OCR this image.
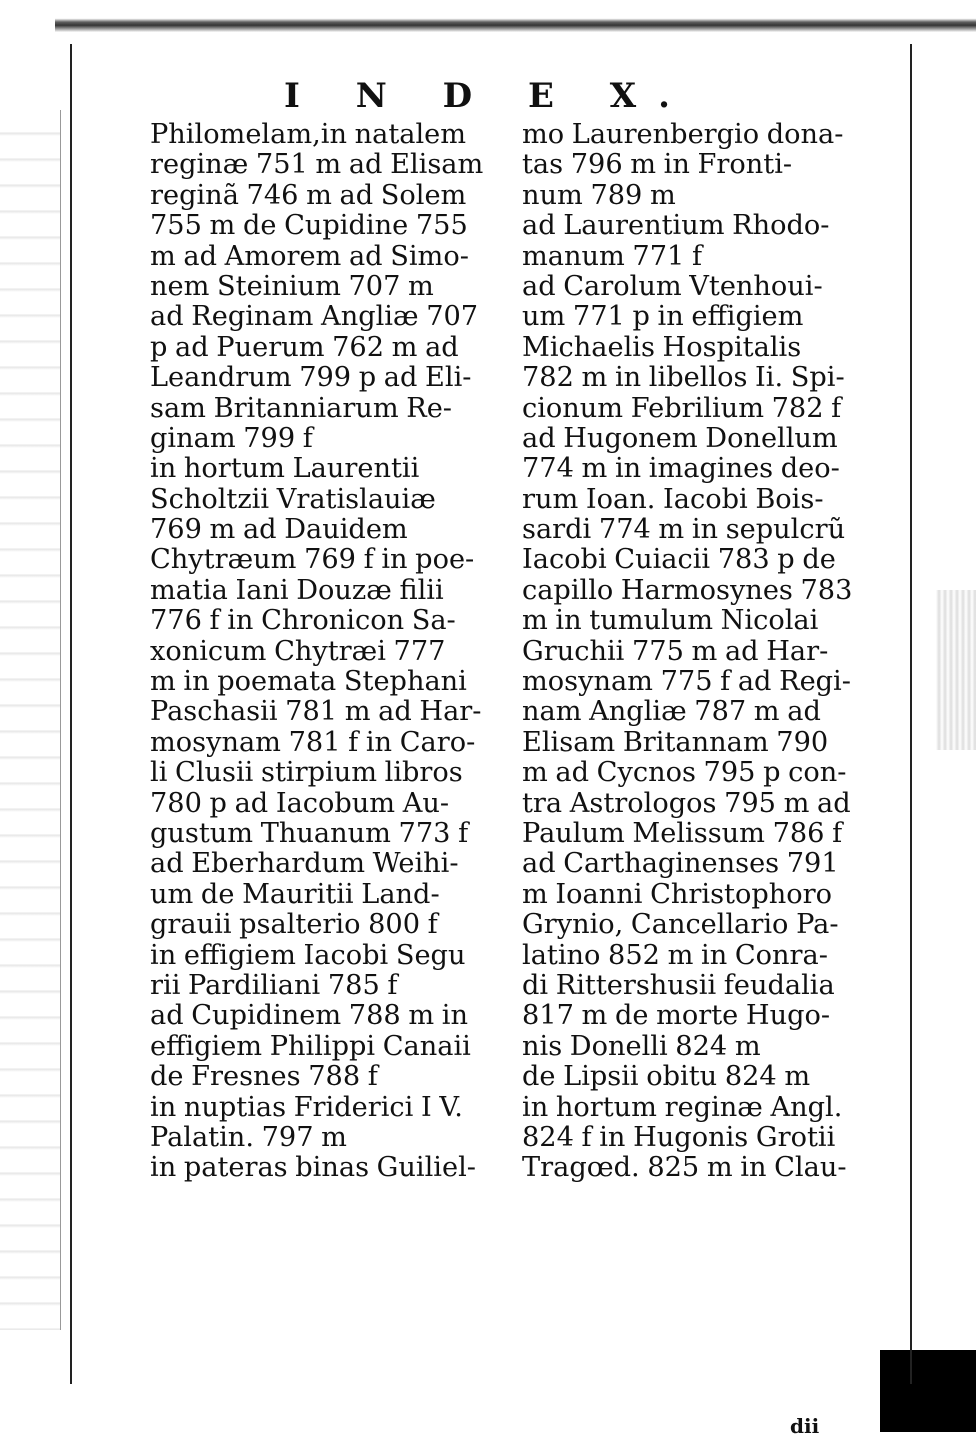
I N D E X.
Philomelam,in natalem
reginæ 751 m ad Elisam
reginã 746 m ad Solem
755 m de Cupidine 755
m ad Amorem ad Simo-
nem Steinium 707 m
ad Reginam Angliæ 707
p ad Puerum 762 m ad
Leandrum 799 p ad Eli-
sam Britanniarum Re-
ginam 799 f
in hortum Laurentii
Scholtzii Vratislauiæ
769 m ad Dauidem
Chytræum 769 f in poe-
matia Iani Douzæ filii
776 f in Chronicon Sa-
xonicum Chytræi 777
m in poemata Stephani
Paschasii 781 m ad Har-
mosynam 781 f in Caro-
li Clusii stirpium libros
780 p ad Iacobum Au-
gustum Thuanum 773 f
ad Eberhardum Weihi-
um de Mauritii Land-
grauii psalterio 800 f
in effigiem Iacobi Segu
rii Pardiliani 785 f
ad Cupidinem 788 m in
effigiem Philippi Canaii
de Fresnes 788 f
in nuptias Friderici I V.
Palatin. 797 m
in pateras binas Guiliel-
mo Laurenbergio dona-
tas 796 m in Fronti-
num 789 m
ad Laurentium Rhodo-
manum 771 f
ad Carolum Vtenhoui-
um 771 p in effigiem
Michaelis Hospitalis
782 m in libellos Ii. Spi-
cionum Febrilium 782 f
ad Hugonem Donellum
774 m in imagines deo-
rum Ioan. Iacobi Bois-
sardi 774 m in sepulcrũ
Iacobi Cuiacii 783 p de
capillo Harmosynes 783
m in tumulum Nicolai
Gruchii 775 m ad Har-
mosynam 775 f ad Regi-
nam Angliæ 787 m ad
Elisam Britannam 790
m ad Cycnos 795 p con-
tra Astrologos 795 m ad
Paulum Melissum 786 f
ad Carthaginenses 791
m Ioanni Christophoro
Grynio, Cancellario Pa-
latino 852 m in Conra-
di Rittershusii feudalia
817 m de morte Hugo-
nis Donelli 824 m
de Lipsii obitu 824 m
in hortum reginæ Angl.
824 f in Hugonis Grotii
Tragœd. 825 m in Clau-
dii
